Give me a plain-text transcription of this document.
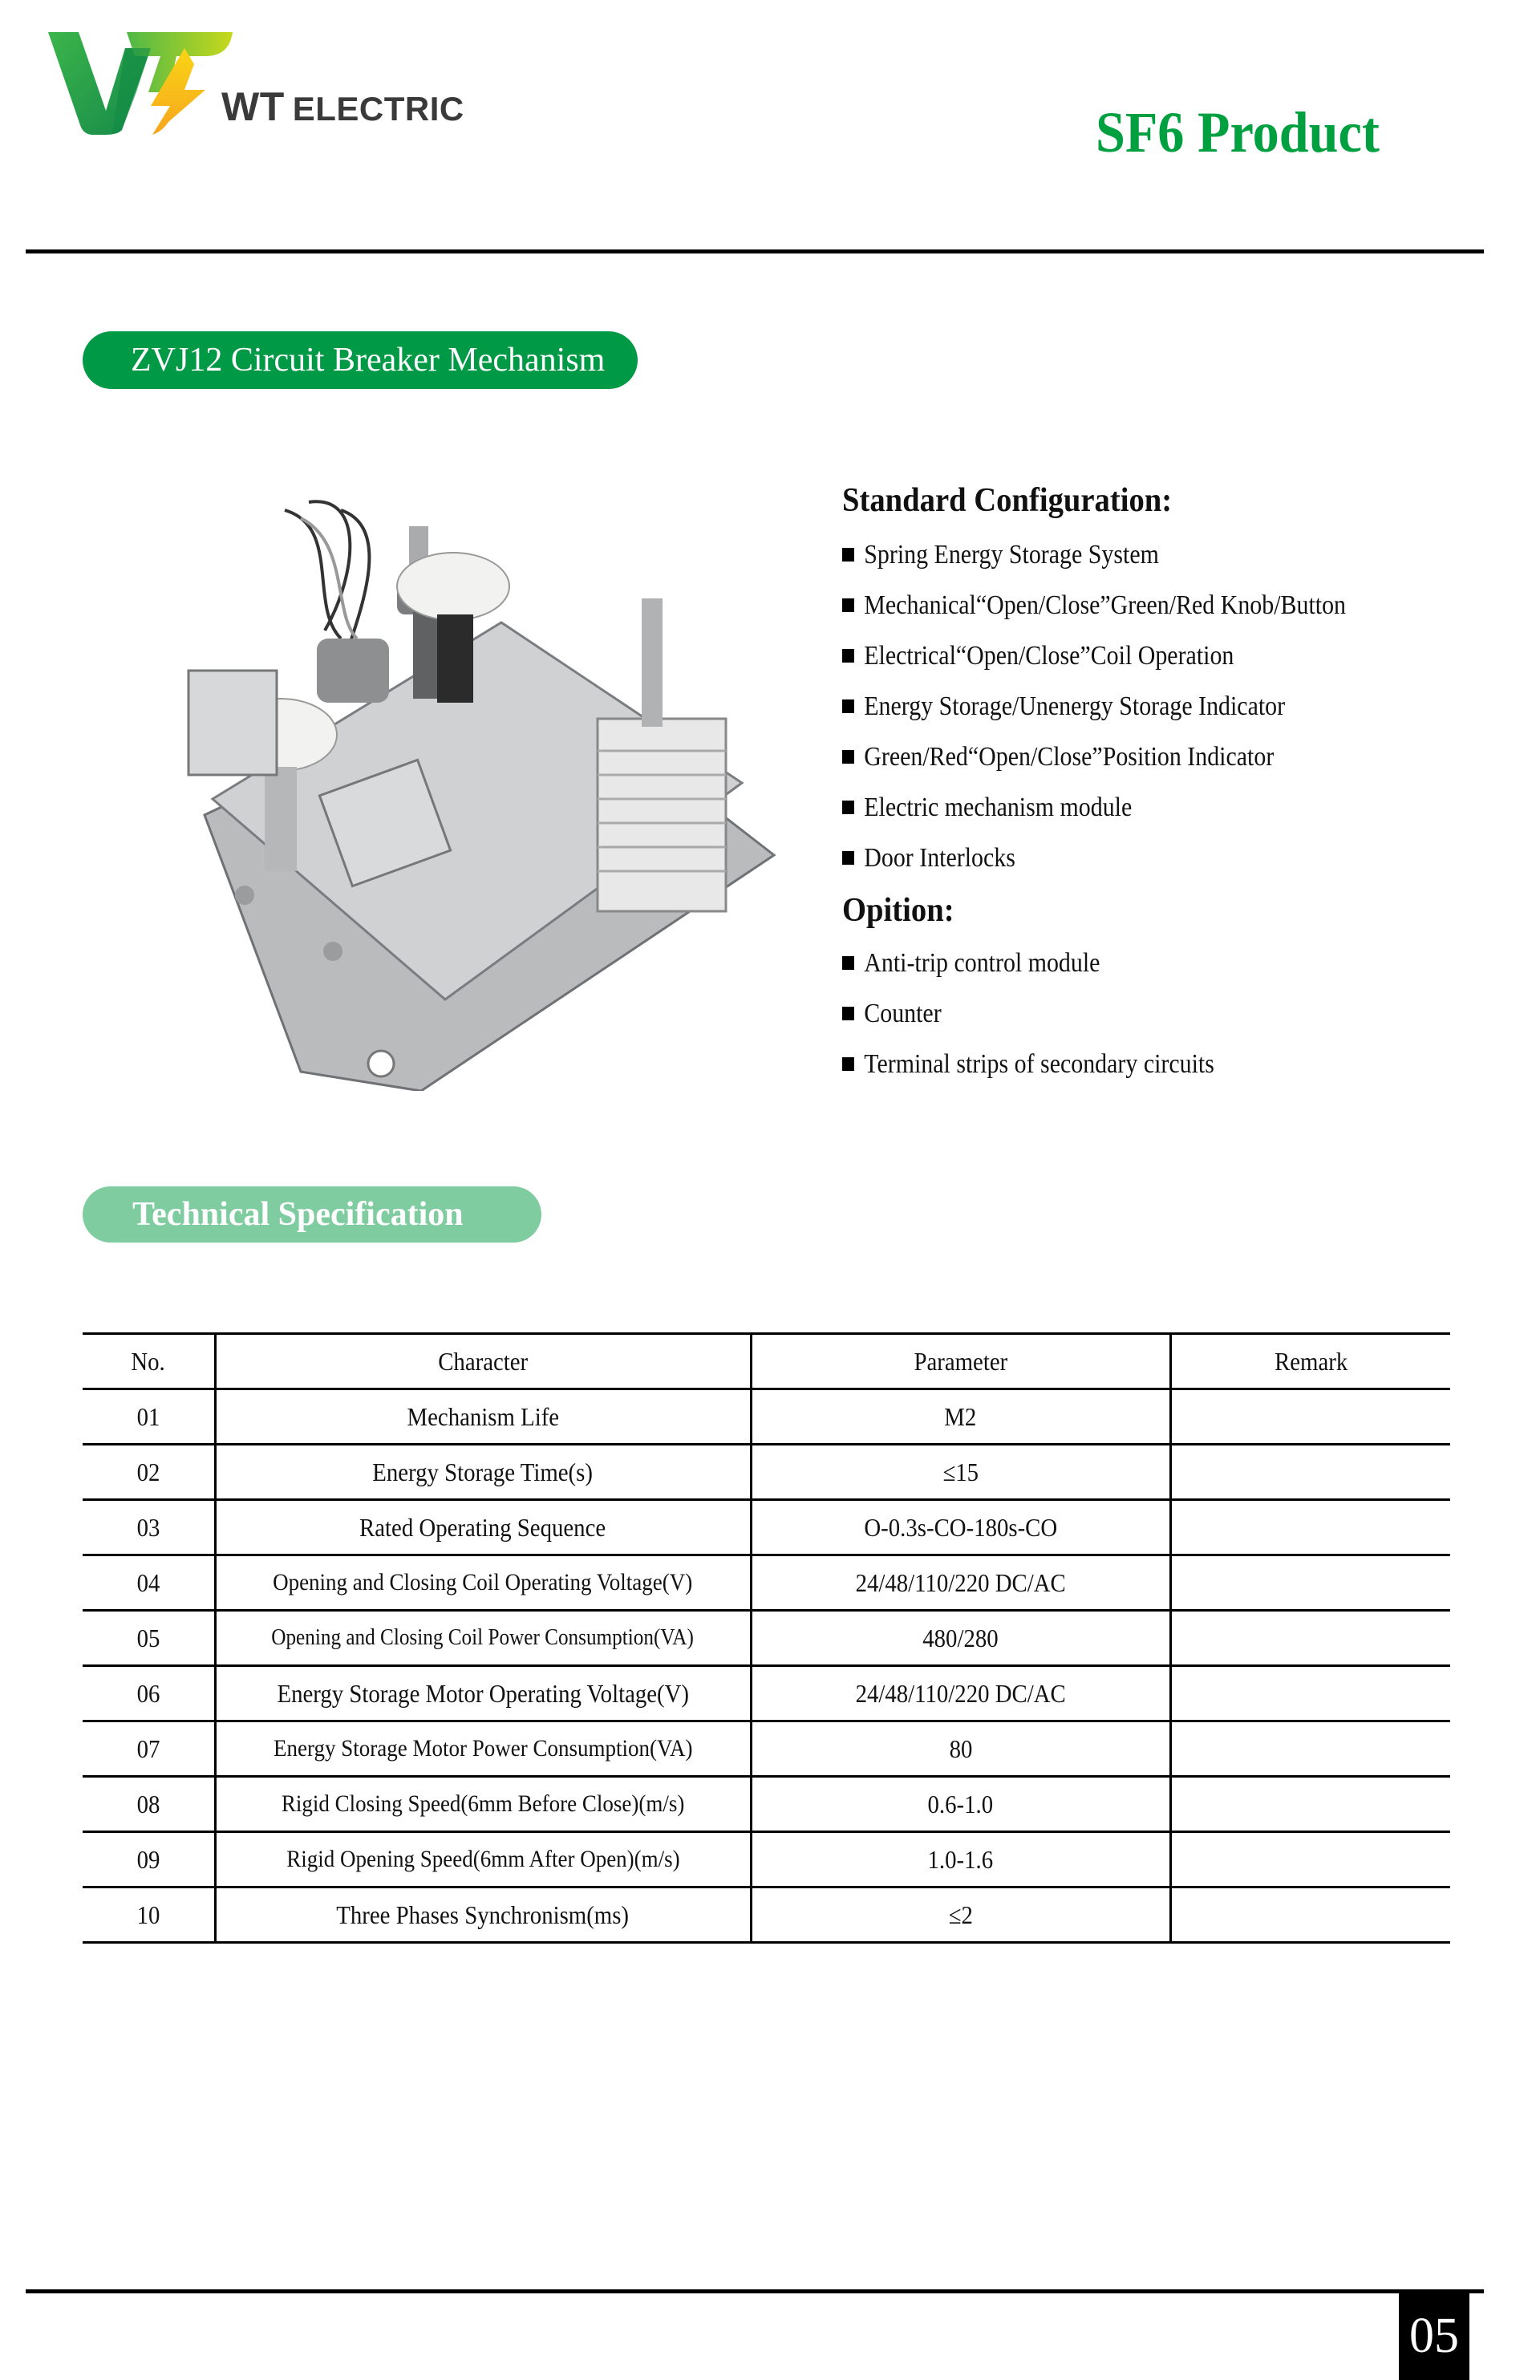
WT ELECTRIC	SF6 Product
ZVJ12 Circuit Breaker Mechanism
Standard Configuration:
Spring Energy Storage System
Mechanical“Open/Close”Green/Red Knob/Button
Electrical“Open/Close”Coil Operation
Energy Storage/Unenergy Storage Indicator
Green/Red“Open/Close”Position Indicator
Electric mechanism module
Door Interlocks
Opition:
Anti-trip control module
Counter
Terminal strips of secondary circuits
Technical Specification
No.	Character	Parameter	Remark
01	Mechanism Life	M2	
02	Energy Storage Time(s)	≤15	
03	Rated Operating Sequence	O-0.3s-CO-180s-CO	
04	Opening and Closing Coil Operating Voltage(V)	24/48/110/220 DC/AC	
05	Opening and Closing Coil Power Consumption(VA)	480/280	
06	Energy Storage Motor Operating Voltage(V)	24/48/110/220 DC/AC	
07	Energy Storage Motor Power Consumption(VA)	80	
08	Rigid Closing Speed(6mm Before Close)(m/s)	0.6-1.0	
09	Rigid Opening Speed(6mm After Open)(m/s)	1.0-1.6	
10	Three Phases Synchronism(ms)	≤2	
05
